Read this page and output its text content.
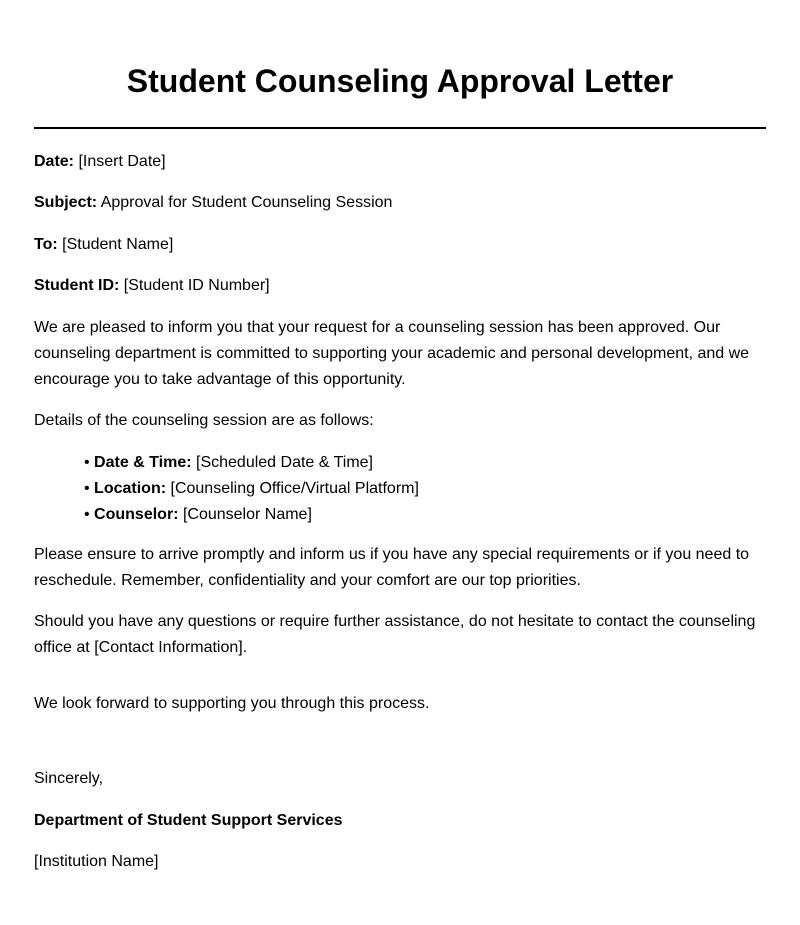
Student Counseling Approval Letter

Date: [Insert Date]

Subject: Approval for Student Counseling Session

To: [Student Name]

Student ID: [Student ID Number]

We are pleased to inform you that your request for a counseling session has been approved. Our counseling department is committed to supporting your academic and personal development, and we encourage you to take advantage of this opportunity.

Details of the counseling session are as follows:

• Date & Time: [Scheduled Date & Time]
• Location: [Counseling Office/Virtual Platform]
• Counselor: [Counselor Name]

Please ensure to arrive promptly and inform us if you have any special requirements or if you need to reschedule. Remember, confidentiality and your comfort are our top priorities.

Should you have any questions or require further assistance, do not hesitate to contact the counseling office at [Contact Information].

We look forward to supporting you through this process.

Sincerely,

Department of Student Support Services

[Institution Name]
